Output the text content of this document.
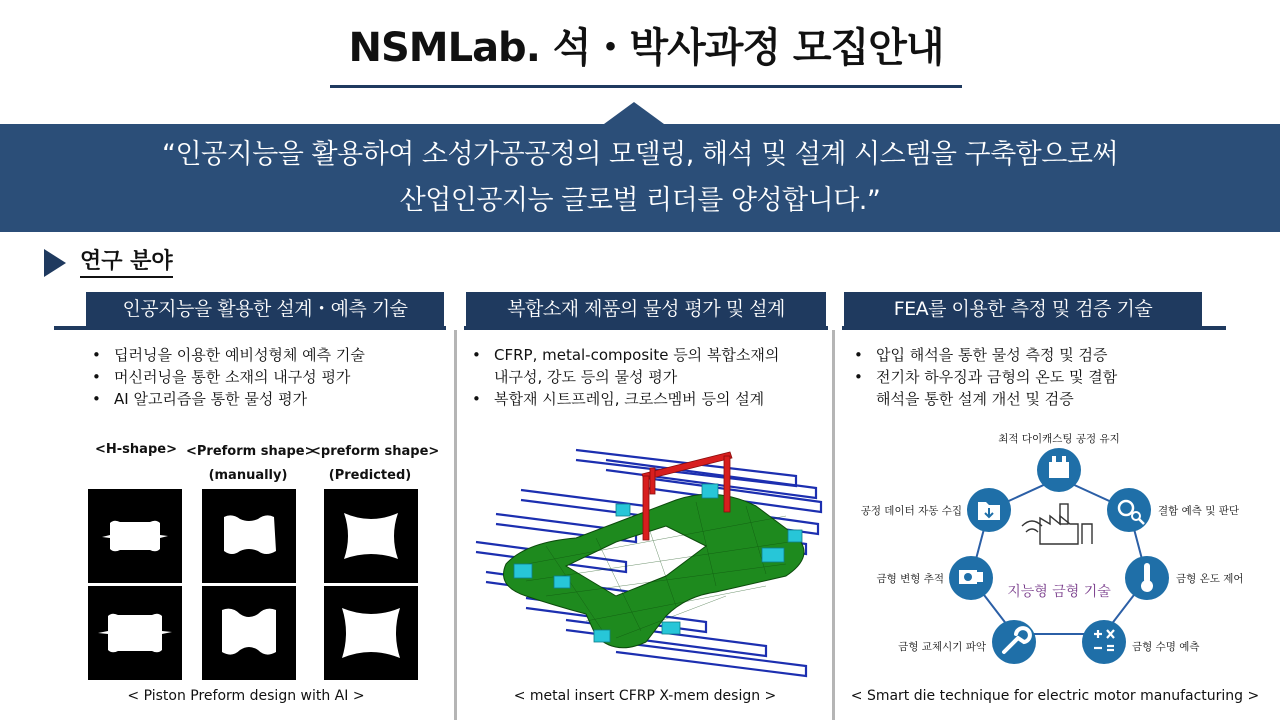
NSMLab. 석・박사과정 모집안내
“인공지능을 활용하여 소성가공공정의 모델링, 해석 및 설계 시스템을 구축함으로써
산업인공지능 글로벌 리더를 양성합니다.”
연구 분야
인공지능을 활용한 설계・예측 기술	복합소재 제품의 물성 평가 및 설계	FEA를 이용한 측정 및 검증 기술
• 딥러닝을 이용한 예비성형체 예측 기술
• 머신러닝을 통한 소재의 내구성 평가
• AI 알고리즘을 통한 물성 평가
• CFRP, metal-composite 등의 복합소재의
내구성, 강도 등의 물성 평가
• 복합재 시트프레임, 크로스멤버 등의 설계
• 압입 해석을 통한 물성 측정 및 검증
• 전기차 하우징과 금형의 온도 및 결함
해석을 통한 설계 개선 및 검증
<H-shape> <Preform shape>
(manually)
<preform shape>
(Predicted)
지능형 금형 기술
최적 다이캐스팅 공정 유지
결함 예측 및 판단
금형 온도 제어
금형 수명 예측
금형 교체시기 파악
금형 변형 추적
공정 데이터 자동 수집
< Piston Preform design with AI >	< metal insert CFRP X-mem design >	< Smart die technique for electric motor manufacturing >
